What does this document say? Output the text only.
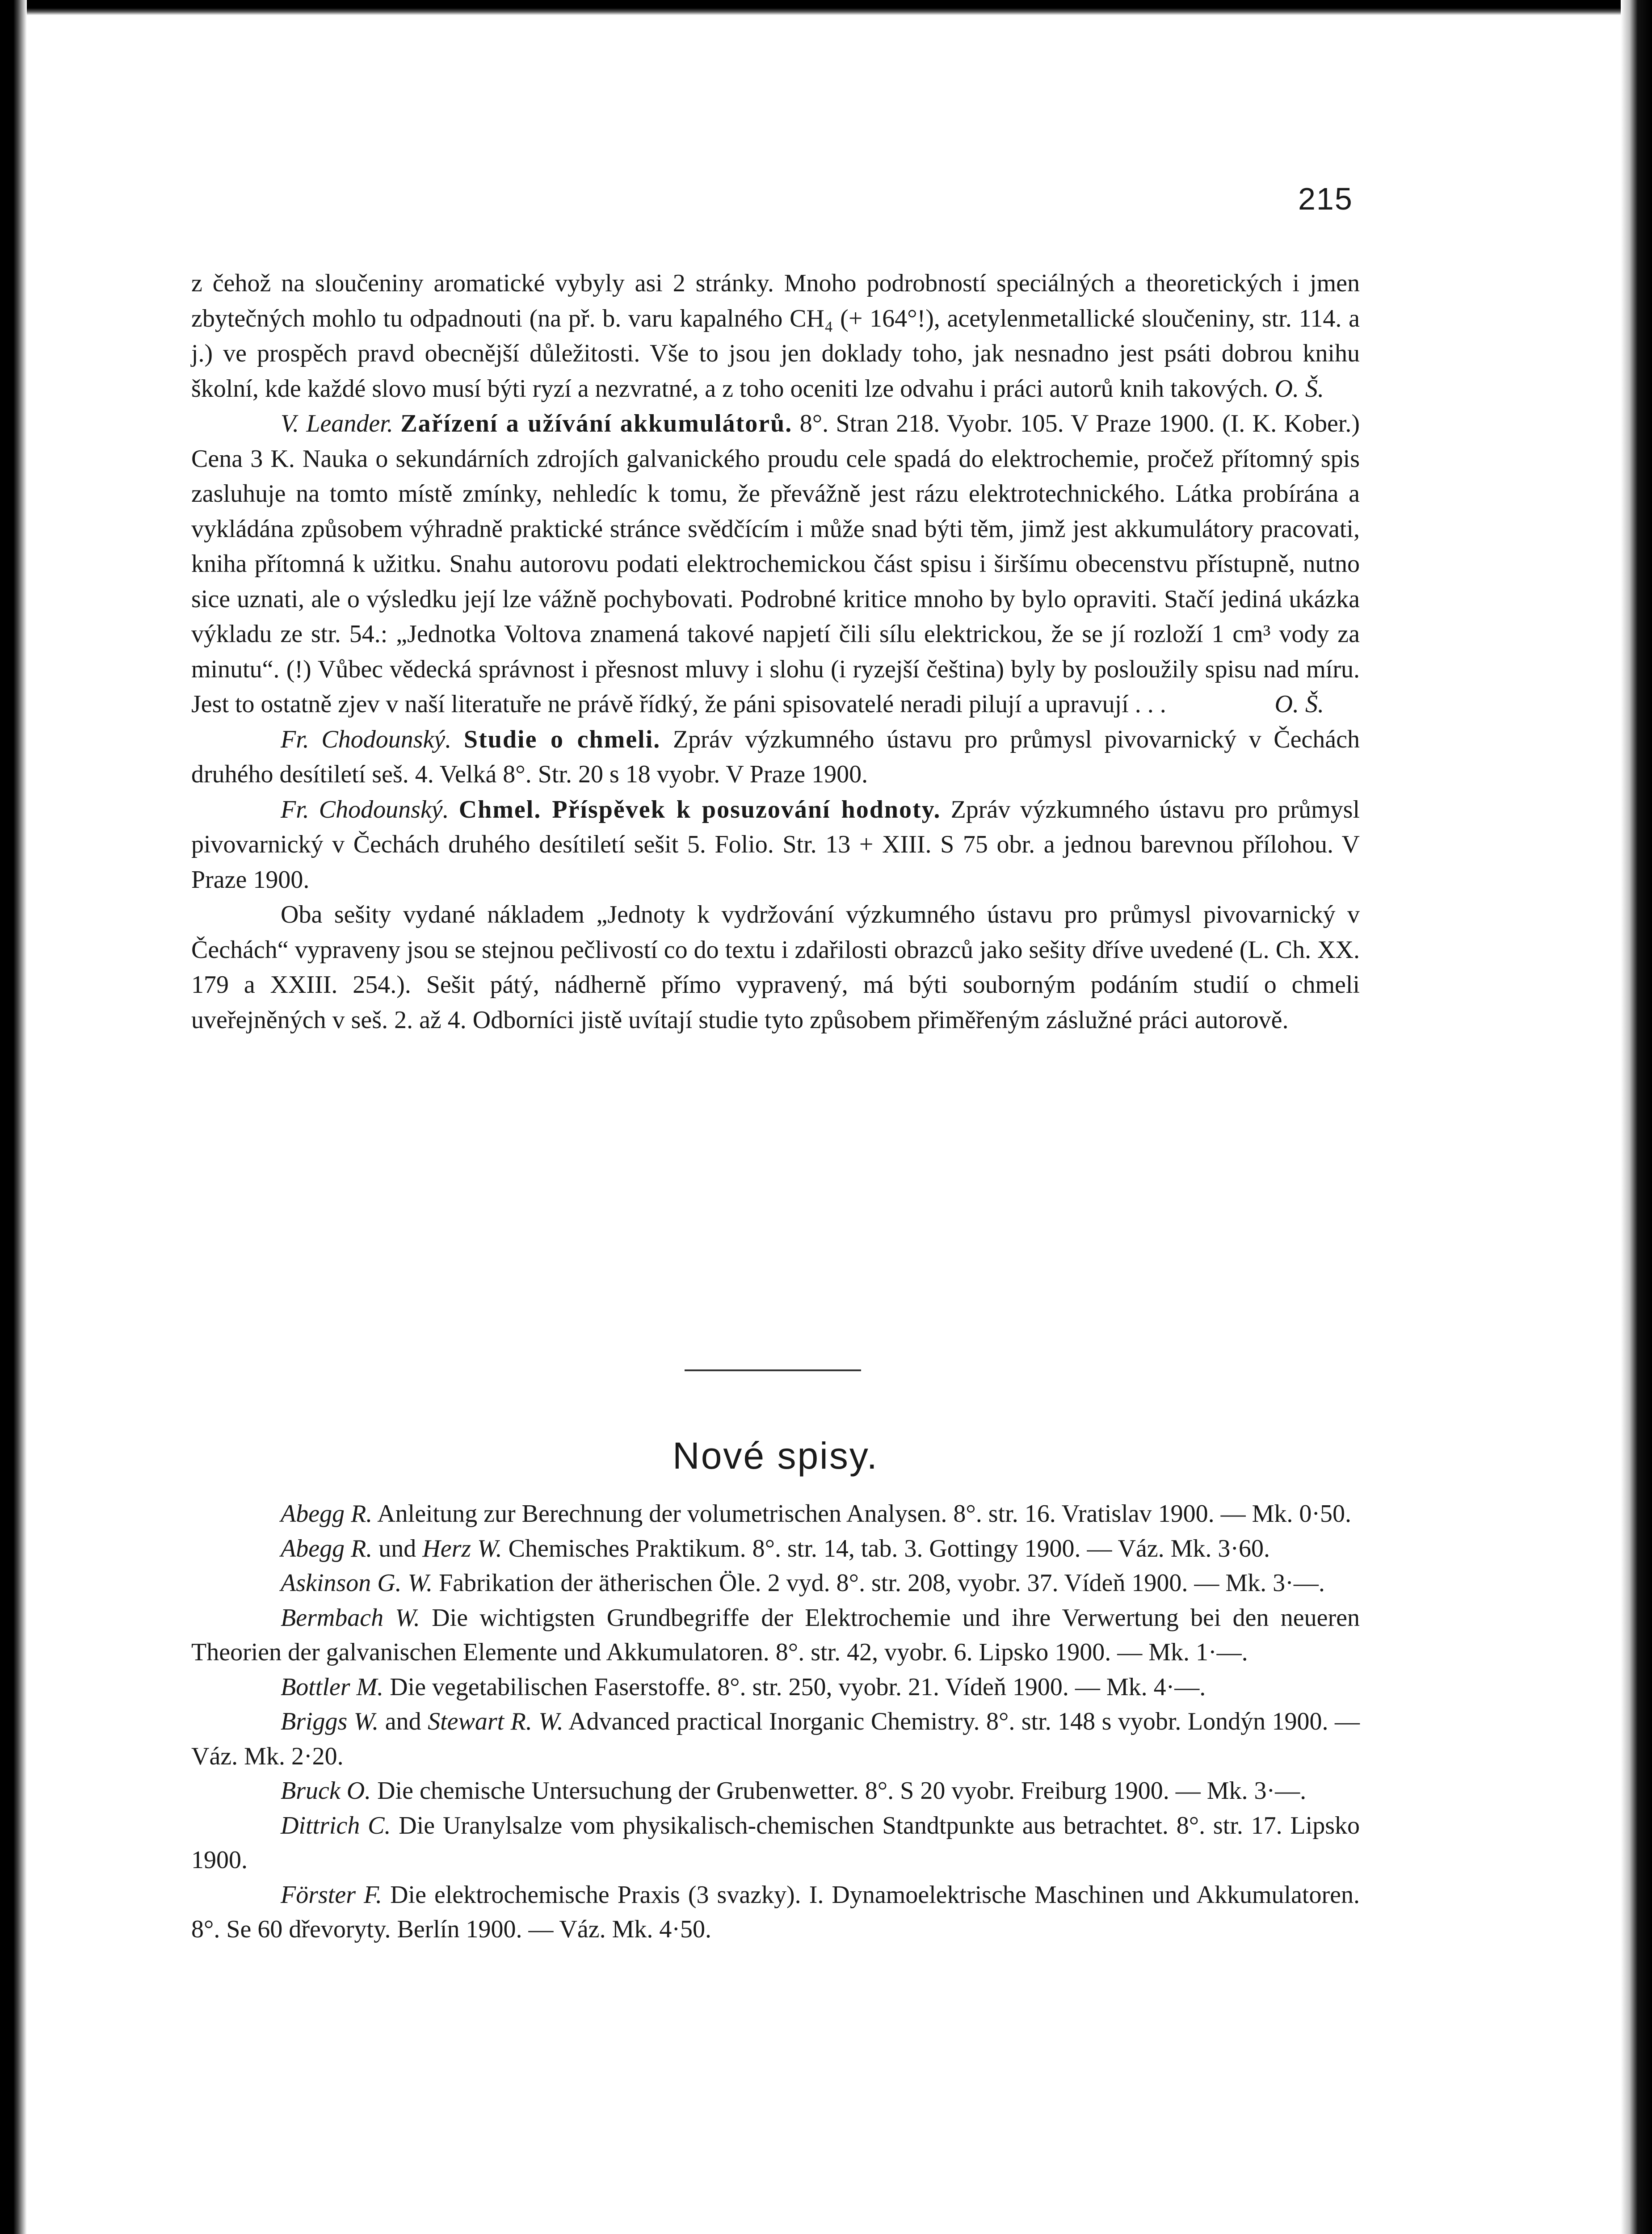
215

z čehož na sloučeniny aromatické vybyly asi 2 stránky. Mnoho podrobností speciálných a theoretických i jmen zbytečných mohlo tu odpadnouti (na př. b. varu kapalného CH₄ (+ 164°!), acetylenmetallické sloučeniny, str. 114. a j.) ve prospěch pravd obecnější důležitosti. Vše to jsou jen doklady toho, jak nesnadno jest psáti dobrou knihu školní, kde každé slovo musí býti ryzí a nezvratné, a z toho oceniti lze odvahu i práci autorů knih takových. O. Š.

V. Leander. Zařízení a užívání akkumulátorů. 8°. Stran 218. Vyobr. 105. V Praze 1900. (I. K. Kober.) Cena 3 K. Nauka o sekundárních zdrojích galvanického proudu cele spadá do elektrochemie, pročež přítomný spis zasluhuje na tomto místě zmínky, nehledíc k tomu, že převážně jest rázu elektrotechnického. Látka probírána a vykládána způsobem výhradně praktické stránce svědčícím i může snad býti těm, jimž jest akkumulátory pracovati, kniha přítomná k užitku. Snahu autorovu podati elektrochemickou část spisu i širšímu obecenstvu přístupně, nutno sice uznati, ale o výsledku její lze vážně pochybovati. Podrobné kritice mnoho by bylo opraviti. Stačí jediná ukázka výkladu ze str. 54.: „Jednotka Voltova znamená takové napjetí čili sílu elektrickou, že se jí rozloží 1 cm³ vody za minutu“. (!) Vůbec vědecká správnost i přesnost mluvy i slohu (i ryzejší čeština) byly by posloužily spisu nad míru. Jest to ostatně zjev v naší literatuře ne právě řídký, že páni spisovatelé neradi pilují a upravují . . .	O. Š.

Fr. Chodounský. Studie o chmeli. Zpráv výzkumného ústavu pro průmysl pivovarnický v Čechách druhého desítiletí seš. 4. Velká 8°. Str. 20 s 18 vyobr. V Praze 1900.

Fr. Chodounský. Chmel. Příspěvek k posuzování hodnoty. Zpráv výzkumného ústavu pro průmysl pivovarnický v Čechách druhého desítiletí sešit 5. Folio. Str. 13 + XIII. S 75 obr. a jednou barevnou přílohou. V Praze 1900.

Oba sešity vydané nákladem „Jednoty k vydržování výzkumného ústavu pro průmysl pivovarnický v Čechách“ vypraveny jsou se stejnou pečlivostí co do textu i zdařilosti obrazců jako sešity dříve uvedené (L. Ch. XX. 179 a XXIII. 254.). Sešit pátý, nádherně přímo vypravený, má býti souborným podáním studií o chmeli uveřejněných v seš. 2. až 4. Odborníci jistě uvítají studie tyto způsobem přiměřeným záslužné práci autorově.

Nové spisy.

Abegg R. Anleitung zur Berechnung der volumetrischen Analysen. 8°. str. 16. Vratislav 1900. — Mk. 0·50.

Abegg R. und Herz W. Chemisches Praktikum. 8°. str. 14, tab. 3. Gottingy 1900. — Váz. Mk. 3·60.

Askinson G. W. Fabrikation der ätherischen Öle. 2 vyd. 8°. str. 208, vyobr. 37. Vídeň 1900. — Mk. 3·—.

Bermbach W. Die wichtigsten Grundbegriffe der Elektrochemie und ihre Verwertung bei den neueren Theorien der galvanischen Elemente und Akkumulatoren. 8°. str. 42, vyobr. 6. Lipsko 1900. — Mk. 1·—.

Bottler M. Die vegetabilischen Faserstoffe. 8°. str. 250, vyobr. 21. Vídeň 1900. — Mk. 4·—.

Briggs W. and Stewart R. W. Advanced practical Inorganic Chemistry. 8°. str. 148 s vyobr. Londýn 1900. — Váz. Mk. 2·20.

Bruck O. Die chemische Untersuchung der Grubenwetter. 8°. S 20 vyobr. Freiburg 1900. — Mk. 3·—.

Dittrich C. Die Uranylsalze vom physikalisch-chemischen Standtpunkte aus betrachtet. 8°. str. 17. Lipsko 1900.

Förster F. Die elektrochemische Praxis (3 svazky). I. Dynamoelektrische Maschinen und Akkumulatoren. 8°. Se 60 dřevoryty. Berlín 1900. — Váz. Mk. 4·50.
